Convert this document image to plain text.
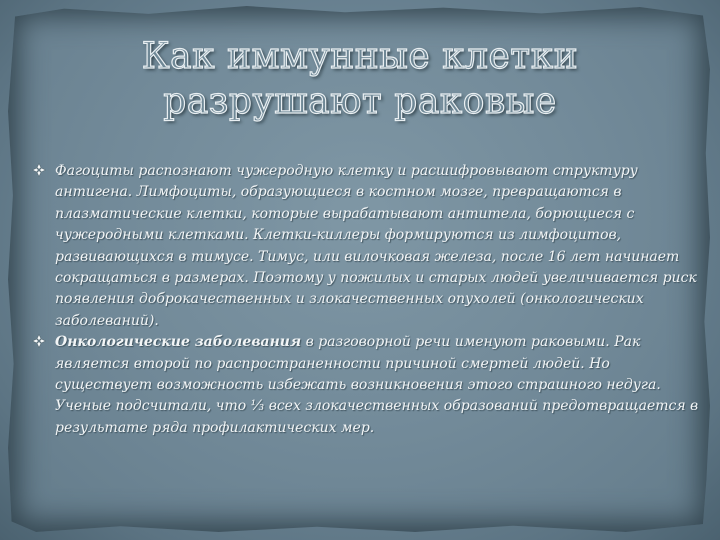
Как иммунные клетки
разрушают раковые
Фагоциты распознают чужеродную клетку и расшифровывают структуру антигена. Лимфоциты, образующиеся в костном мозге, превращаются в плазматические клетки, которые вырабатывают антитела, борющиеся с чужеродными клетками. Клетки-киллеры формируются из лимфоцитов, развивающихся в тимусе. Тимус, или вилочковая железа, после 16 лет начинает сокращаться в размерах. Поэтому у пожилых и старых людей увеличивается риск появления доброкачественных и злокачественных опухолей (онкологических заболеваний).
Онкологические заболевания в разговорной речи именуют раковыми. Рак является второй по распространенности причиной смертей людей. Но существует возможность избежать возникновения этого страшного недуга. Ученые подсчитали, что ⅓ всех злокачественных образований предотвращается в результате ряда профилактических мер.
